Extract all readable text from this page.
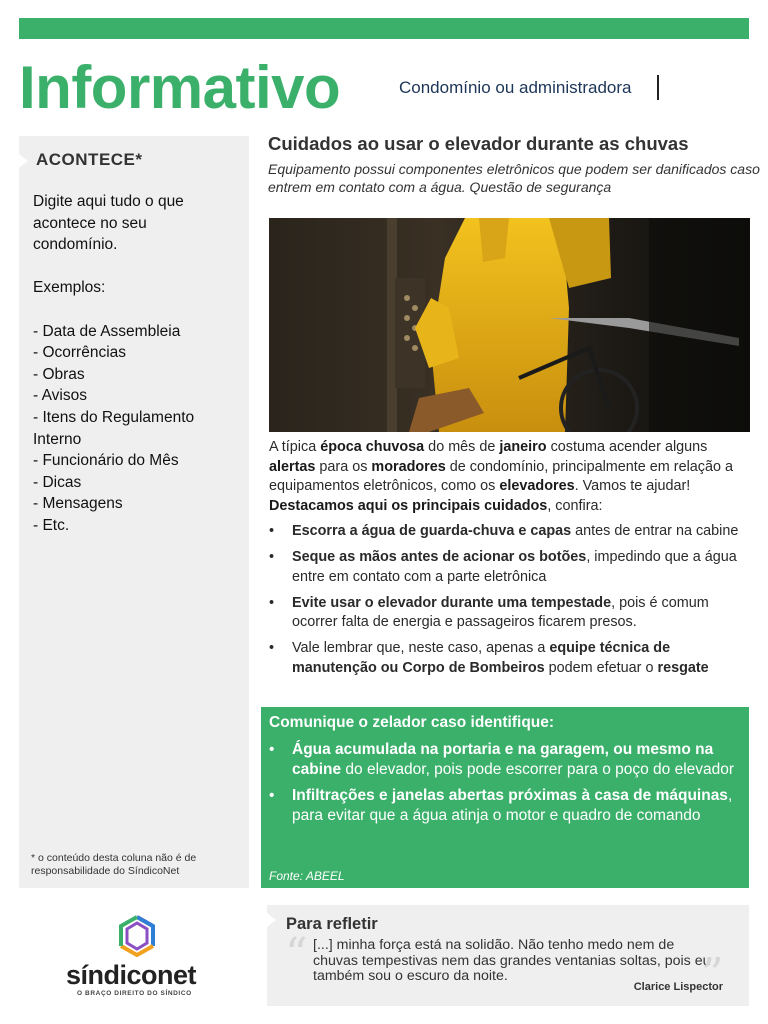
Informativo	Condomínio ou administradora
ACONTECE*

Digite aqui tudo o que

acontece no seu

condomínio.

Exemplos:

- Data de Assembleia

- Ocorrências

- Obras

- Avisos

- Itens do Regulamento

Interno

- Funcionário do Mês

- Dicas

- Mensagens

- Etc.

* o conteúdo desta coluna não é de responsabilidade do SíndicoNet
Cuidados ao usar o elevador durante as chuvas
Equipamento possui componentes eletrônicos que podem ser danificados caso entrem em contato com a água. Questão de segurança
A típica época chuvosa do mês de janeiro costuma acender alguns alertas para os moradores de condomínio, principalmente em relação a equipamentos eletrônicos, como os elevadores. Vamos te ajudar! Destacamos aqui os principais cuidados, confira:
• Escorra a água de guarda-chuva e capas antes de entrar na cabine
• Seque as mãos antes de acionar os botões, impedindo que a água entre em contato com a parte eletrônica
• Evite usar o elevador durante uma tempestade, pois é comum ocorrer falta de energia e passageiros ficarem presos.
• Vale lembrar que, neste caso, apenas a equipe técnica de manutenção ou Corpo de Bombeiros podem efetuar o resgate
Comunique o zelador caso identifique:
• Água acumulada na portaria e na garagem, ou mesmo na cabine do elevador, pois pode escorrer para o poço do elevador
• Infiltrações e janelas abertas próximas à casa de máquinas, para evitar que a água atinja o motor e quadro de comando
Fonte: ABEEL
Para refletir
“ [...] minha força está na solidão. Não tenho medo nem de chuvas tempestivas nem das grandes ventanias soltas, pois eu também sou o escuro da noite.	”
Clarice Lispector
síndiconet
O BRAÇO DIREITO DO SÍNDICO
